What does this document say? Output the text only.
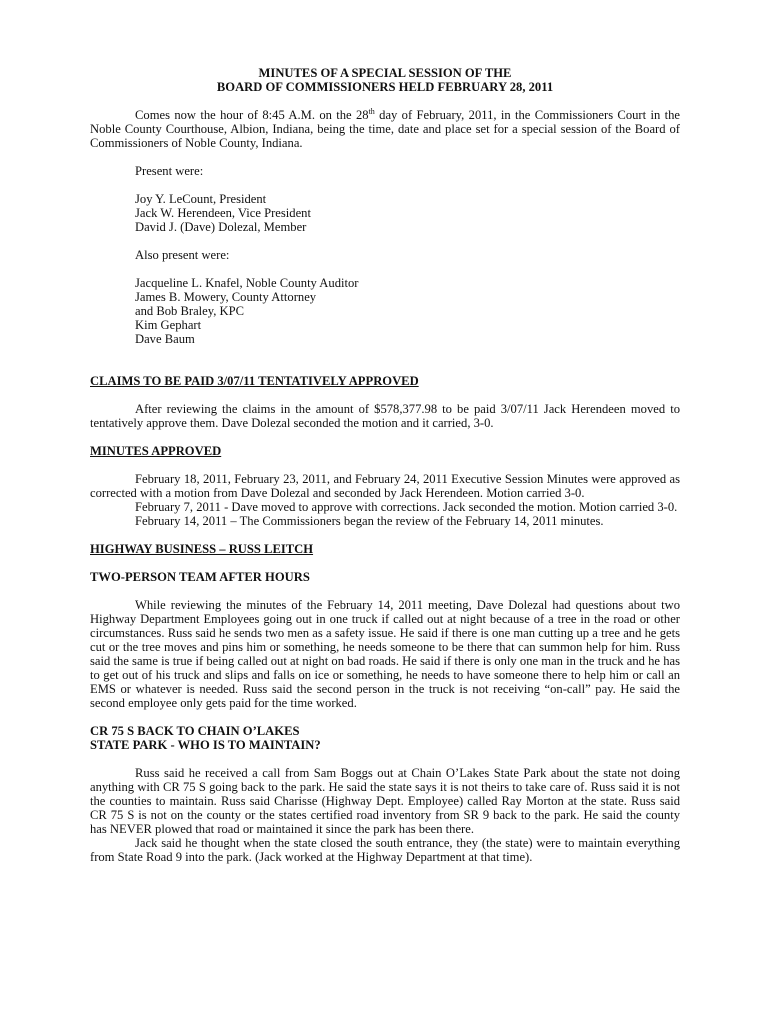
MINUTES OF A SPECIAL SESSION OF THE

BOARD OF COMMISSIONERS HELD FEBRUARY 28, 2011

Comes now the hour of 8:45 A.M. on the 28th day of February, 2011, in the Commissioners Court in the Noble County Courthouse, Albion, Indiana, being the time, date and place set for a special session of the Board of Commissioners of Noble County, Indiana.

Present were:

Joy Y. LeCount, President

Jack W. Herendeen, Vice President

David J. (Dave) Dolezal, Member

Also present were:

Jacqueline L. Knafel, Noble County Auditor

James B. Mowery, County Attorney

and Bob Braley, KPC

Kim Gephart

Dave Baum

CLAIMS TO BE PAID 3/07/11 TENTATIVELY APPROVED

After reviewing the claims in the amount of $578,377.98 to be paid 3/07/11 Jack Herendeen moved to tentatively approve them. Dave Dolezal seconded the motion and it carried, 3-0.

MINUTES APPROVED

February 18, 2011, February 23, 2011, and February 24, 2011 Executive Session Minutes were approved as corrected with a motion from Dave Dolezal and seconded by Jack Herendeen. Motion carried 3-0.

February 7, 2011 - Dave moved to approve with corrections. Jack seconded the motion. Motion carried 3-0.

February 14, 2011 – The Commissioners began the review of the February 14, 2011 minutes.

HIGHWAY BUSINESS – RUSS LEITCH

TWO-PERSON TEAM AFTER HOURS

While reviewing the minutes of the February 14, 2011 meeting, Dave Dolezal had questions about two Highway Department Employees going out in one truck if called out at night because of a tree in the road or other circumstances. Russ said he sends two men as a safety issue. He said if there is one man cutting up a tree and he gets cut or the tree moves and pins him or something, he needs someone to be there that can summon help for him. Russ said the same is true if being called out at night on bad roads. He said if there is only one man in the truck and he has to get out of his truck and slips and falls on ice or something, he needs to have someone there to help him or call an EMS or whatever is needed. Russ said the second person in the truck is not receiving “on-call” pay. He said the second employee only gets paid for the time worked.

CR 75 S BACK TO CHAIN O’LAKES

STATE PARK - WHO IS TO MAINTAIN?

Russ said he received a call from Sam Boggs out at Chain O’Lakes State Park about the state not doing anything with CR 75 S going back to the park. He said the state says it is not theirs to take care of. Russ said it is not the counties to maintain. Russ said Charisse (Highway Dept. Employee) called Ray Morton at the state. Russ said CR 75 S is not on the county or the states certified road inventory from SR 9 back to the park. He said the county has NEVER plowed that road or maintained it since the park has been there.

Jack said he thought when the state closed the south entrance, they (the state) were to maintain everything from State Road 9 into the park. (Jack worked at the Highway Department at that time).
